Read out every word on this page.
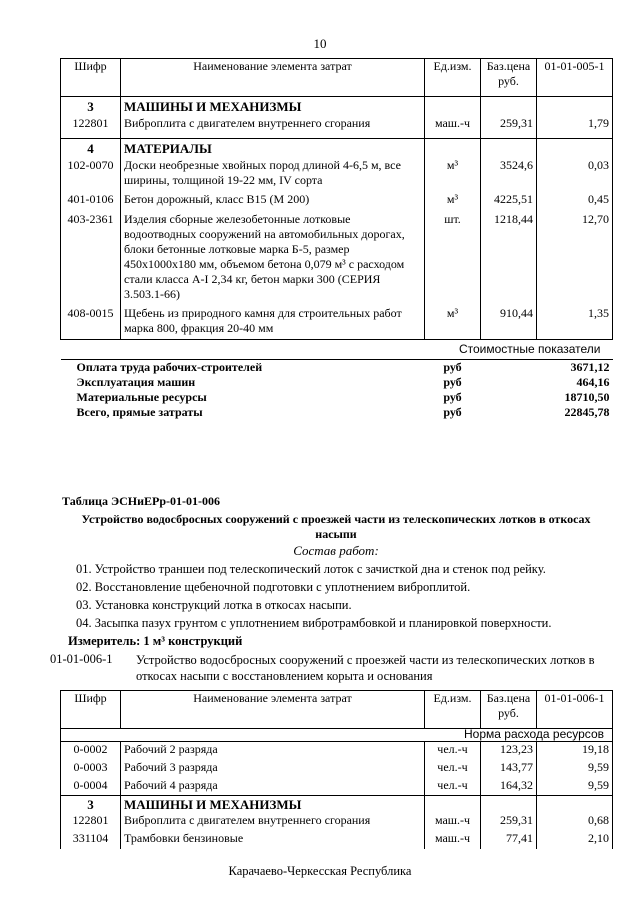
10
Шифр	Наименование элемента затрат	Ед.изм.	Баз.цена руб.	01-01-005-1
3	МАШИНЫ И МЕХАНИЗМЫ			
122801	Виброплита с двигателем внутреннего сгорания	маш.-ч	259,31	1,79
4	МАТЕРИАЛЫ			
102-0070	Доски необрезные хвойных пород длиной 4-6,5 м, все ширины, толщиной 19-22 мм, IV сорта	м³	3524,6	0,03
401-0106	Бетон дорожный, класс В15 (М 200)	м³	4225,51	0,45
403-2361	Изделия сборные железобетонные лотковые водоотводных сооружений на автомобильных дорогах, блоки бетонные лотковые марка Б-5, размер 450х1000х180 мм, объемом бетона 0,079 м³ с расходом стали класса А-I 2,34 кг, бетон марки 300 (СЕРИЯ 3.503.1-66)	шт.	1218,44	12,70
408-0015	Щебень из природного камня для строительных работ марка 800, фракция 20-40 мм	м³	910,44	1,35
Стоимостные показатели				
Оплата труда рабочих-строителей		руб		3671,12
Эксплуатация машин		руб		464,16
Материальные ресурсы		руб		18710,50
Всего, прямые затраты		руб		22845,78
Таблица ЭСНиЕРр-01-01-006
Устройство водосбросных сооружений с проезжей части из телескопических лотков в откосах насыпи
Состав работ:
01. Устройство траншеи под телескопический лоток с зачисткой дна и стенок под рейку.
02. Восстановление щебеночной подготовки с уплотнением виброплитой.
03. Установка конструкций лотка в откосах насыпи.
04. Засыпка пазух грунтом с уплотнением вибротрамбовкой и планировкой поверхности.
Измеритель: 1 м³ конструкций
01-01-006-1 Устройство водосбросных сооружений с проезжей части из телескопических лотков в откосах насыпи с восстановлением корыта и основания
Шифр	Наименование элемента затрат	Ед.изм.	Баз.цена руб.	01-01-006-1
Норма расхода ресурсов				
0-0002	Рабочий 2 разряда	чел.-ч	123,23	19,18
0-0003	Рабочий 3 разряда	чел.-ч	143,77	9,59
0-0004	Рабочий 4 разряда	чел.-ч	164,32	9,59
3	МАШИНЫ И МЕХАНИЗМЫ			
122801	Виброплита с двигателем внутреннего сгорания	маш.-ч	259,31	0,68
331104	Трамбовки бензиновые	маш.-ч	77,41	2,10
Карачаево-Черкесская Республика
